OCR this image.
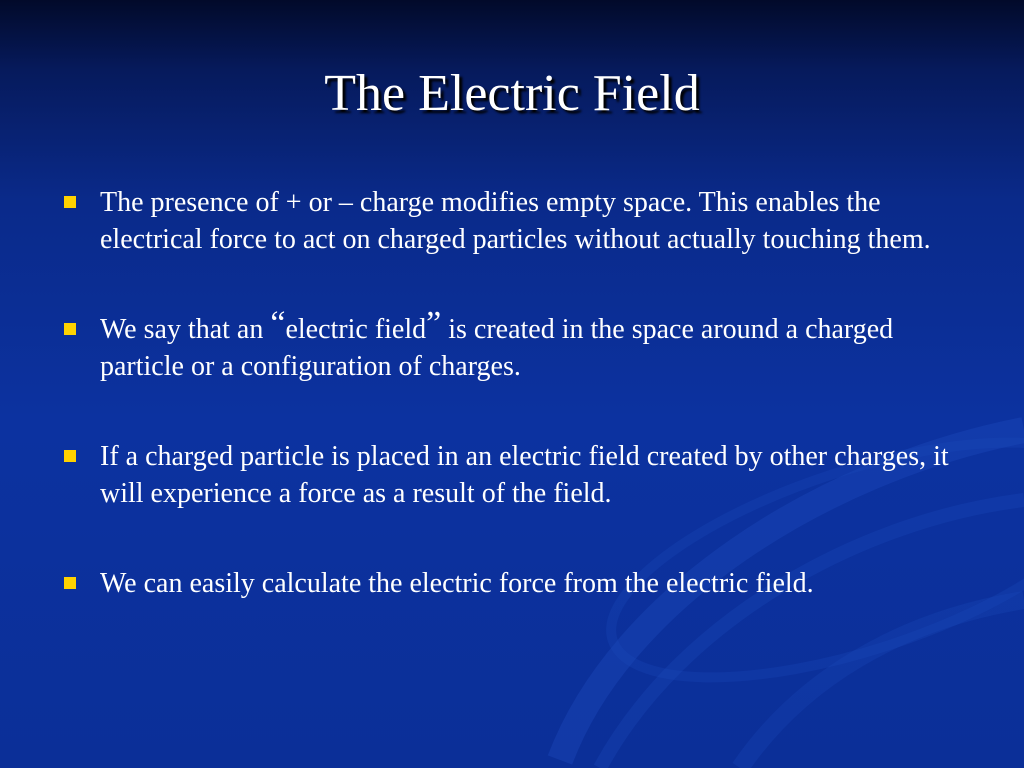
The Electric Field
The presence of + or – charge modifies empty space. This enables the electrical force to act on charged particles without actually touching them.
We say that an “electric field” is created in the space around a charged particle or a configuration of charges.
If a charged particle is placed in an electric field created by other charges, it will experience a force as a result of the field.
We can easily calculate the electric force from the electric field.
